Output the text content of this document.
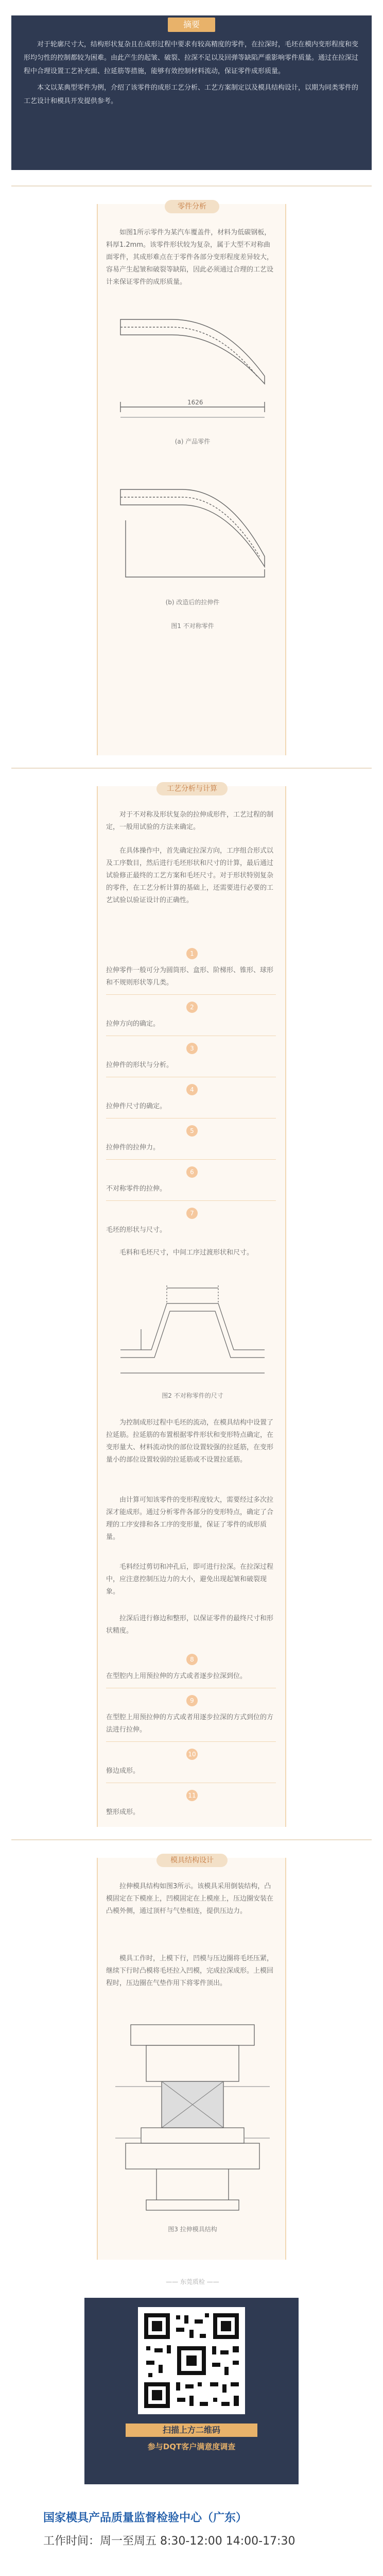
摘要

对于轮廓尺寸大，结构形状复杂且在成形过程中要求有较高精度的零件，在拉深时，毛坯在模内变形程度和变形均匀性的控制都较为困难。由此产生的起皱、破裂、拉深不足以及回弹等缺陷严重影响零件质量。通过在拉深过程中合理设置工艺补充面、拉延筋等措施，能够有效控制材料流动，保证零件成形质量。

本文以某典型零件为例，介绍了该零件的成形工艺分析、工艺方案制定以及模具结构设计，以期为同类零件的工艺设计和模具开发提供参考。

零件分析
如图1所示零件为某汽车覆盖件，材料为低碳钢板，料厚1.2mm。该零件形状较为复杂，属于大型不对称曲面零件，其成形难点在于零件各部分变形程度差异较大，容易产生起皱和破裂等缺陷，因此必须通过合理的工艺设计来保证零件的成形质量。
1626
(a) 产品零件
(b) 改造后的拉伸件
图1 不对称零件
工艺分析与计算
对于不对称及形状复杂的拉伸成形件，工艺过程的制定，一般用试验的方法来确定。
在具体操作中，首先确定拉深方向，工序组合形式以及工序数目，然后进行毛坯形状和尺寸的计算，最后通过试验修正最终的工艺方案和毛坯尺寸。对于形状特别复杂的零件，在工艺分析计算的基础上，还需要进行必要的工艺试验以验证设计的正确性。
1
拉伸零件一般可分为圆筒形、盒形、阶梯形、锥形、球形和不规则形状等几类。
2
拉伸方向的确定。
3
拉伸件的形状与分析。
4
拉伸件尺寸的确定。
5
拉伸件的拉伸力。
6
不对称零件的拉伸。
7
毛坯的形状与尺寸。
毛料和毛坯尺寸，中间工序过渡形状和尺寸。
图2 不对称零件的尺寸
为控制成形过程中毛坯的流动，在模具结构中设置了拉延筋。拉延筋的布置根据零件形状和变形特点确定，在变形量大、材料流动快的部位设置较强的拉延筋，在变形量小的部位设置较弱的拉延筋或不设置拉延筋。
由计算可知该零件的变形程度较大，需要经过多次拉深才能成形。通过分析零件各部分的变形特点，确定了合理的工序安排和各工序的变形量，保证了零件的成形质量。
毛料经过剪切和冲孔后，即可进行拉深。在拉深过程中，应注意控制压边力的大小，避免出现起皱和破裂现象。
拉深后进行修边和整形，以保证零件的最终尺寸和形状精度。
8
在型腔内上用预拉伸的方式或者逐步拉深到位。
9
在型腔上用预拉伸的方式或者用逐步拉深的方式到位的方法进行拉伸。
10
修边成形。
11
整形成形。
模具结构设计
拉伸模具结构如图3所示。该模具采用倒装结构，凸模固定在下模座上，凹模固定在上模座上，压边圈安装在凸模外侧，通过顶杆与气垫相连，提供压边力。
模具工作时，上模下行，凹模与压边圈将毛坯压紧，继续下行时凸模将毛坯拉入凹模，完成拉深成形。上模回程时，压边圈在气垫作用下将零件顶出。
图3 拉伸模具结构
—— 东莞质检 ——
扫描上方二维码
参与DQT客户满意度调查
国家模具产品质量监督检验中心（广东）
工作时间：周一至周五 8:30-12:00 14:00-17:30
